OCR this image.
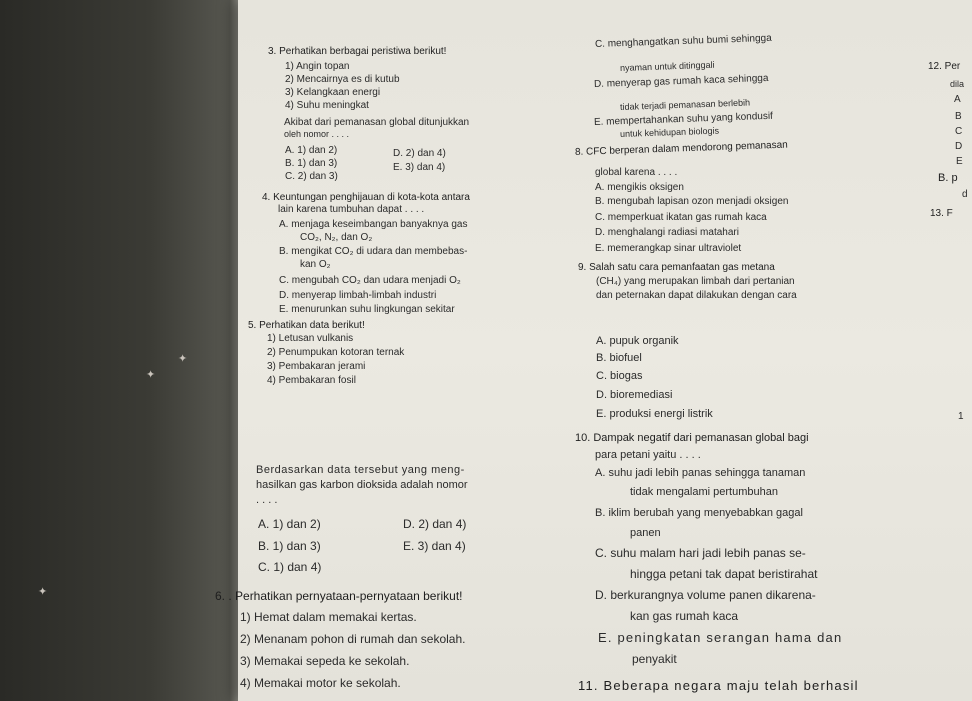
✦
✦
✦
3. Perhatikan berbagai peristiwa berikut!
1) Angin topan
2) Mencairnya es di kutub
3) Kelangkaan energi
4) Suhu meningkat
Akibat dari pemanasan global ditunjukkan
oleh nomor . . . .
A. 1) dan 2)	D. 2) dan 4)
B. 1) dan 3)	E. 3) dan 4)
C. 2) dan 3)
4. Keuntungan penghijauan di kota-kota antara
lain karena tumbuhan dapat . . . .
A. menjaga keseimbangan banyaknya gas
CO₂, N₂, dan O₂
B. mengikat CO₂ di udara dan membebas-
kan O₂
C. mengubah CO₂ dan udara menjadi O₂
D. menyerap limbah-limbah industri
E. menurunkan suhu lingkungan sekitar
5. Perhatikan data berikut!
1) Letusan vulkanis
2) Penumpukan kotoran ternak
3) Pembakaran jerami
4) Pembakaran fosil
Berdasarkan data tersebut yang meng-
hasilkan gas karbon dioksida adalah nomor
. . . .
A. 1) dan 2)	D. 2) dan 4)
B. 1) dan 3)	E. 3) dan 4)
C. 1) dan 4)
6. . Perhatikan pernyataan-pernyataan berikut!
1) Hemat dalam memakai kertas.
2) Menanam pohon di rumah dan sekolah.
3) Memakai sepeda ke sekolah.
4) Memakai motor ke sekolah.
C. menghangatkan suhu bumi sehingga
nyaman untuk ditinggali
D. menyerap gas rumah kaca sehingga
tidak terjadi pemanasan berlebih
E. mempertahankan suhu yang kondusif
untuk kehidupan biologis
8. CFC berperan dalam mendorong pemanasan
global karena . . . .
A. mengikis oksigen
B. mengubah lapisan ozon menjadi oksigen
C. memperkuat ikatan gas rumah kaca
D. menghalangi radiasi matahari
E. memerangkap sinar ultraviolet
9. Salah satu cara pemanfaatan gas metana
(CH₄) yang merupakan limbah dari pertanian
dan peternakan dapat dilakukan dengan cara
A. pupuk organik
B. biofuel
C. biogas
D. bioremediasi
E. produksi energi listrik
10. Dampak negatif dari pemanasan global bagi
para petani yaitu . . . .
A. suhu jadi lebih panas sehingga tanaman
tidak mengalami pertumbuhan
B. iklim berubah yang menyebabkan gagal
panen
C. suhu malam hari jadi lebih panas se-
hingga petani tak dapat beristirahat
D. berkurangnya volume panen dikarena-
kan gas rumah kaca
E. peningkatan serangan hama dan
penyakit
11. Beberapa negara maju telah berhasil
12. Per
dila
A
B
C
D
E
B. p
d
13. F
1
